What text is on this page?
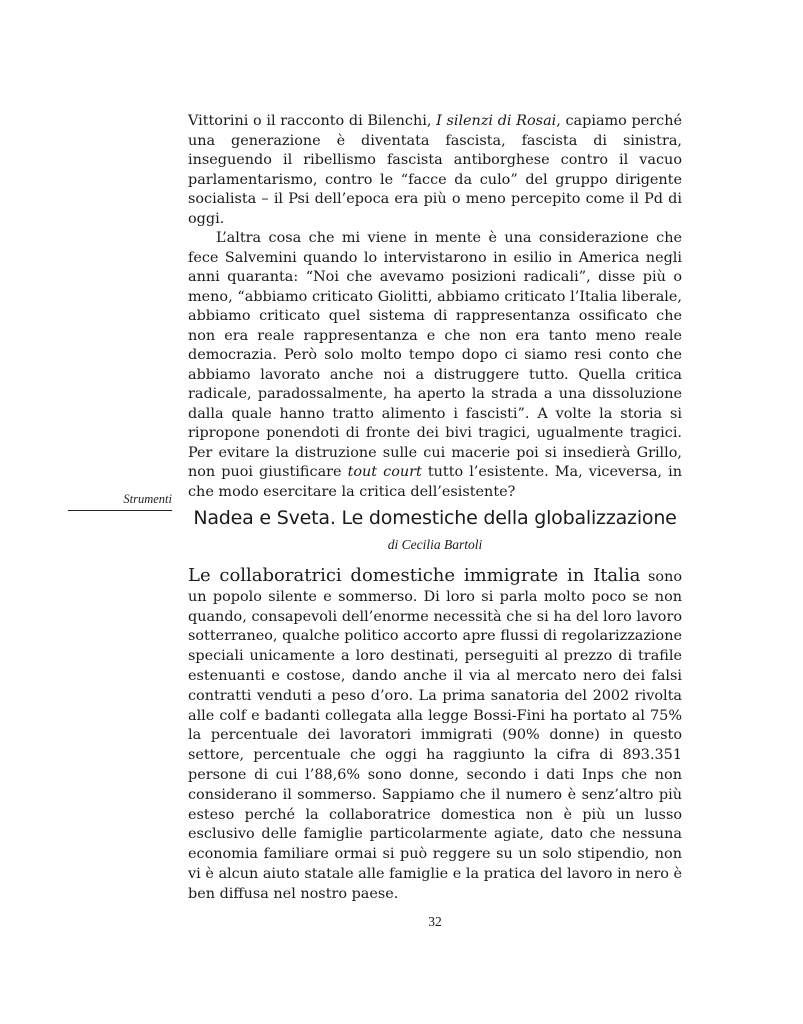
Vittorini o il racconto di Bilenchi, I silenzi di Rosai, capiamo perché una generazione è diventata fascista, fascista di sinistra, inseguendo il ribellismo fascista antiborghese contro il vacuo parlamentarismo, contro le “facce da culo” del gruppo dirigente socialista – il Psi dell’epoca era più o meno percepito come il Pd di oggi.

L’altra cosa che mi viene in mente è una considerazione che fece Salvemini quando lo intervistarono in esilio in America negli anni quaranta: “Noi che avevamo posizioni radicali”, disse più o meno, “abbiamo criticato Giolitti, abbiamo criticato l’Italia liberale, abbiamo criticato quel sistema di rappresentanza ossificato che non era reale rappresentanza e che non era tanto meno reale democrazia. Però solo molto tempo dopo ci siamo resi conto che abbiamo lavorato anche noi a distruggere tutto. Quella critica radicale, paradossalmente, ha aperto la strada a una dissoluzione dalla quale hanno tratto alimento i fascisti”. A volte la storia si ripropone ponendoti di fronte dei bivi tragici, ugualmente tragici. Per evitare la distruzione sulle cui macerie poi si insedierà Grillo, non puoi giustificare tout court tutto l’esistente. Ma, viceversa, in che modo esercitare la critica dell’esistente?

Strumenti
Nadea e Sveta. Le domestiche della globalizzazione
di Cecilia Bartoli

Le collaboratrici domestiche immigrate in Italia sono un popolo silente e sommerso. Di loro si parla molto poco se non quando, consapevoli dell’enorme necessità che si ha del loro lavoro sotterraneo, qualche politico accorto apre flussi di regolarizzazione speciali unicamente a loro destinati, perseguiti al prezzo di trafile estenuanti e costose, dando anche il via al mercato nero dei falsi contratti venduti a peso d’oro. La prima sanatoria del 2002 rivolta alle colf e badanti collegata alla legge Bossi-Fini ha portato al 75% la percentuale dei lavoratori immigrati (90% donne) in questo settore, percentuale che oggi ha raggiunto la cifra di 893.351 persone di cui l’88,6% sono donne, secondo i dati Inps che non considerano il sommerso. Sappiamo che il numero è senz’altro più esteso perché la collaboratrice domestica non è più un lusso esclusivo delle famiglie particolarmente agiate, dato che nessuna economia familiare ormai si può reggere su un solo stipendio, non vi è alcun aiuto statale alle famiglie e la pratica del lavoro in nero è ben diffusa nel nostro paese.

32
